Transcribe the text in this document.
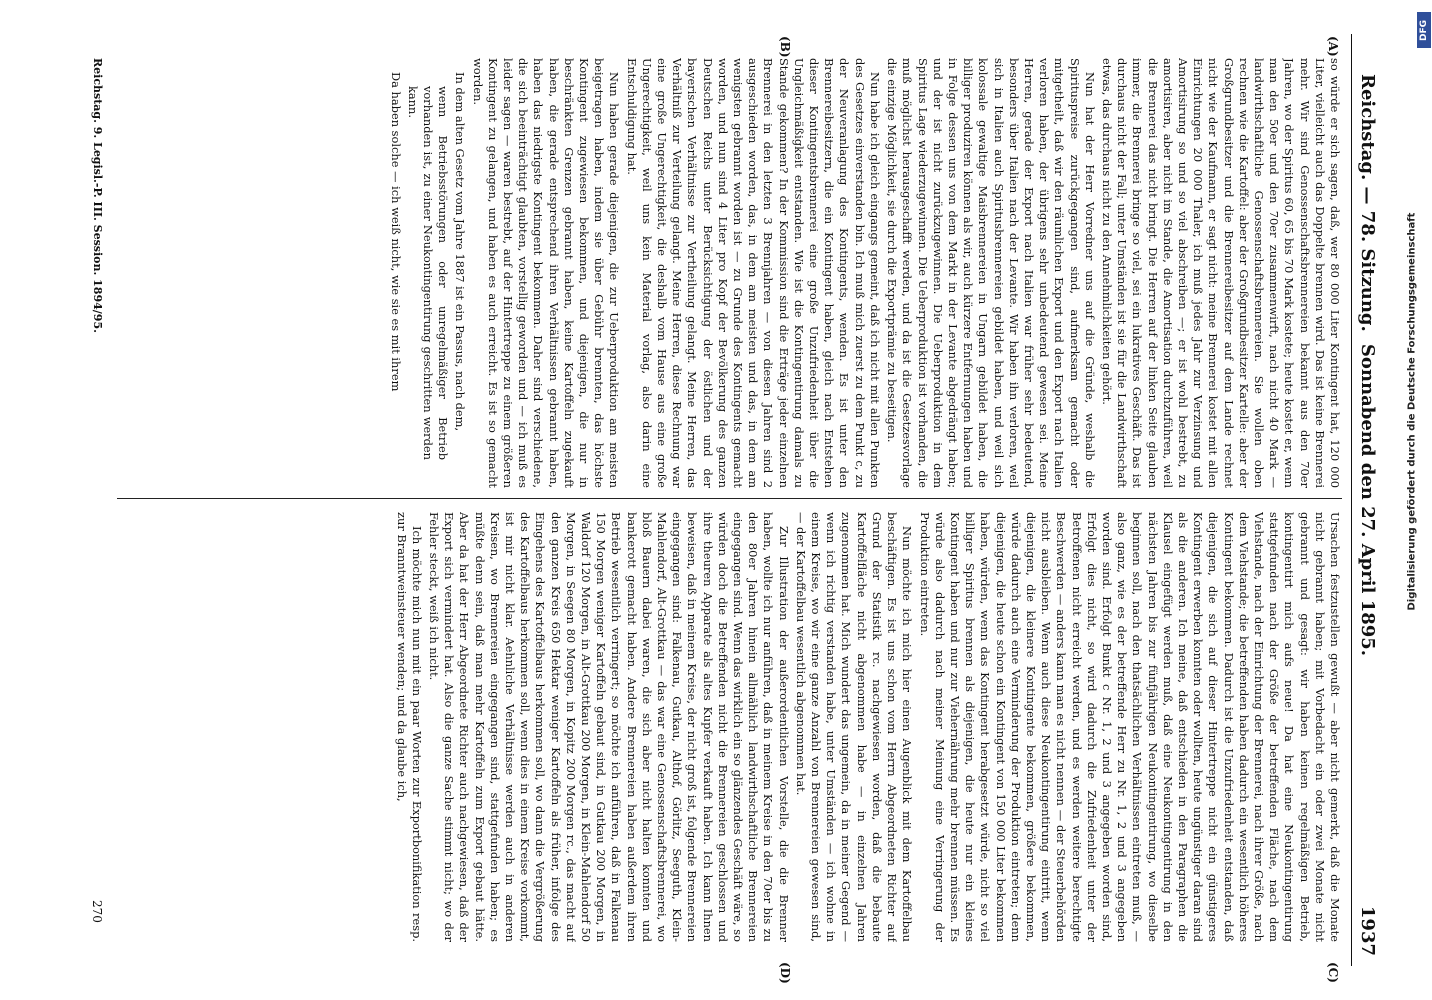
Reichstag. — 78. Sitzung.
Sonnabend den 27. April 1895.
1937
(A)
(B)
(C)
(D)

so würde er sich sagen, daß, wer 80 000 Liter Kontingent hat, 120 000 Liter, vielleicht auch das Doppelte brennen wird. Das ist keine Brennerei mehr. Wir sind Genossenschaftsbrennereien bekannt aus den 70er Jahren, wo der Spiritus 60, 65 bis 70 Mark kostete; heute kostet er, wenn man den 50er und den 70er zusammenwirft, nach nicht 40 Mark — landwirthschaftliche Genossenschaftsbrennereien. Sie wollen oben rechnen wie die Kartoffel: aber der Großgrundbesitzer Kartelle: aber der Großgrundbesitzer und die Brennereibesitzer auf dem Lande rechnet nicht wie der Kaufmann, er sagt nicht: meine Brennerei kostet mit allen Einrichtungen 20 000 Thaler, ich muß jedes Jahr zur Verzinsung und Amortisirung so und so viel abschreiben —; er ist wohl bestrebt, zu amortisiren, aber nicht im Stande, die Amortisation durchzuführen, weil die Brennerei das nicht bringt. Die Herren auf der linken Seite glauben immer, die Brennerei bringe so viel, sei ein lukratives Geschäft. Das ist durchaus nicht der Fall; unter Umständen ist sie für die Landwirthschaft etwas, das durchaus nicht zu den Annehmlichkeiten gehört.

Nun hat der Herr Vorredner uns auf die Gründe, weshalb die Spirituspreise zurückgegangen sind, aufmerksam gemacht oder mitgetheilt, daß wir den räumlichen Export und den Export nach Italien verloren haben, der übrigens sehr unbedeutend gewesen sei. Meine Herren, gerade der Export nach Italien war früher sehr bedeutend, besonders über Italien nach der Levante. Wir haben ihn verloren, weil sich in Italien auch Spiritusbrennereien gebildet haben, und weil sich kolossale gewaltige Maisbrennereien in Ungarn gebildet haben, die billiger produziren können als wir, auch kürzere Entfernungen haben und in Folge dessen uns von dem Markt in der Levante abgedrängt haben; und der ist nicht zurückzugewinnen. Die Ueberproduktion in dem Spiritus Lage wiederzugewinnen. Die Ueberproduktion ist vorhanden, die muß möglichst herausgeschafft werden, und da ist die Gesetzesvorlage die einzige Möglichkeit, sie durch die Exportprämie zu beseitigen.

Nun habe ich gleich eingangs gemeint, daß ich nicht mit allen Punkten des Gesetzes einverstanden bin. Ich muß mich zuerst zu dem Punkt c, zu der Neuveranlagung des Kontingents, wenden. Es ist unter den Brennereibesitzern, die ein Kontingent haben, gleich nach Entstehen dieser Kontingentsbrennerei eine große Unzufriedenheit über die Ungleichmäßigkeit entstanden. Wie ist die Kontingentirung damals zu Stande gekommen? In der Kommission sind die Erträge jeder einzelnen Brennerei in den letzten 3 Brennjahren — von diesen Jahren sind 2 ausgeschieden worden, das, in dem am meisten und das, in dem am wenigsten gebrannt worden ist — zu Grunde des Kontingents gemacht worden, und nun sind 4 Liter pro Kopf der Bevölkerung des ganzen Deutschen Reichs unter Berücksichtigung der östlichen und der bayerischen Verhältnisse zur Vertheilung gelangt. Meine Herren, das Verhältniß zur Verteilung gelangt. Meine Herren, diese Rechnung war eine große Ungerechtigkeit, die deshalb vom Hause aus eine große Ungerechtigkeit, weil uns kein Material vorlag, also darin eine Entschuldigung hat.

Nun haben gerade diejenigen, die zur Ueberproduktion am meisten beigetragen haben, indem sie über Gebühr brennten, das höchste Kontingent zugewiesen bekommen, und diejenigen, die nur in beschränkten Grenzen gebrannt haben, keine Kartoffeln zugekauft haben, die gerade entsprechend ihren Verhältnissen gebrannt haben, haben das niedrigste Kontingent bekommen. Daher sind verschiedene, die sich beeinträchtigt glaubten, vorstellig geworden und — ich muß es leider sagen — waren bestrebt, auf der Hintertreppe zu einem größeren Kontingent zu gelangen, und haben es auch erreicht. Es ist so gemacht worden.

In dem alten Gesetz vom Jahre 1887 ist ein Passus, nach dem,

wenn Betriebsstörungen oder unregelmäßiger Betrieb vorhanden ist, zu einer Neukontingentirung geschritten werden kann.

Da haben solche — ich weiß nicht, wie sie es mit ihrem

Ursachen festzustellen gewußt — aber nicht gemerkt, daß die Monate nicht gebrannt haben; mit Vorbedacht ein oder zwei Monate nicht gebrannt und gesagt: wir haben keinen regelmäßigen Betrieb, kontingentirt mich aufs neue! Da hat eine Neukontingentirung stattgefunden nach der Größe der betreffenden Fläche, nach dem Viehstande, nach der Einrichtung der Brennerei, nach ihrer Größe, nach dem Viehstande; die betreffenden haben dadurch ein wesentlich höheres Kontingent bekommen. Dadurch ist die Unzufriedenheit entstanden, daß diejenigen, die sich auf dieser Hintertreppe nicht ein günstigeres Kontingent erwerben konnten oder wollten, heute ungünstiger daran sind als die anderen. Ich meine, daß entschieden in den Paragraphen die Klausel eingefügt werden muß, daß eine Neukontingentirung in den nächsten Jahren bis zur fünfjährigen Neukontingentirung, wo dieselbe beginnen soll, nach den thatsächlichen Verhältnissen eintreten muß, — also ganz, wie es der betreffende Herr zu Nr. 1, 2 und 3 angegeben worden sind. Erfolgt Bunkt c Nr. 1, 2 und 3 angegeben worden sind, Erfolgt dies nicht, so wird dadurch die Zufriedenheit unter der Betroffenen nicht erreicht werden, und es werden weitere berechtigte Beschwerden — anders kann man es nicht nennen — der Steuerbehörden nicht ausbleiben. Wenn auch diese Neukontingentirung eintritt, wenn diejenigen, die kleinere Kontingente bekommen, größere bekommen, würde dadurch auch eine Verminderung der Produktion eintreten; denn diejenigen, die heute schon ein Kontingent von 150 000 Liter bekommen haben, würden, wenn das Kontingent herabgesetzt würde, nicht so viel billiger Spiritus brennen als diejenigen, die heute nur ein kleines Kontingent haben und nur zur Viehernährung mehr brennen müssen. Es würde also dadurch nach meiner Meinung eine Verringerung der Produktion eintreten.

Nun möchte ich mich hier einen Augenblick mit dem Kartoffelbau beschäftigen. Es ist uns schon vom Herrn Abgeordneten Richter auf Grund der Statistik rc. nachgewiesen worden, daß die bebaute Kartoffelfläche nicht abgenommen habe — in einzelnen Jahren zugenommen hat. Mich wundert das ungemein, da in meiner Gegend — wenn ich richtig verstanden habe, unter Umständen — ich wohne in einem Kreise, wo wir eine ganze Anzahl von Brennereien gewesen sind, — der Kartoffelbau wesentlich abgenommen hat.

Zur Illustration der außerordentlichen Vorstelle, die die Brenner haben, wollte ich nur anführen, daß in meinem Kreise in den 70er bis zu den 80er Jahren hinein allmählich landwirthschaftliche Brennereien eingegangen sind. Wenn das wirklich ein so glänzendes Geschäft wäre, so würden doch die Betreffenden nicht die Brennereien geschlossen und ihre theuren Apparate als altes Kupfer verkauft haben. Ich kann Ihnen beweisen, daß in meinem Kreise, der nicht groß ist, folgende Brennereien eingegangen sind: Falkenau, Gutkau, Althof, Görlitz, Seeguth, Klein-Mahlendorf, Alt-Grottkau — das war eine Genossenschaftsbrennerei, wo bloß Bauern dabei waren, die sich aber nicht halten konnten und bankerott gemacht haben. Andere Brennereien haben außerdem ihren Betrieb wesentlich verringert; so möchte ich anführen, daß in Falkenau 150 Morgen weniger Kartoffeln gebaut sind, in Gutkau 200 Morgen, in Waldorf 120 Morgen, in Alt-Grottkau 200 Morgen, in Klein-Mahlendorf 50 Morgen, in Seegen 80 Morgen, in Kopitz 200 Morgen rc., das macht auf den ganzen Kreis 650 Hektar weniger Kartoffeln als früher, infolge des Eingehens des Kartoffelbaus herkommen soll, wo dann die Vergrößerung des Kartoffelbaus herkommen soll, wenn dies in einem Kreise vorkommt, ist mir nicht klar. Aehnliche Verhältnisse werden auch in anderen Kreisen, wo Brennereien eingegangen sind, stattgefunden haben; es müßte denn sein, daß man mehr Kartoffeln zum Export gebaut hätte. Aber da hat der Herr Abgeordnete Richter auch nachgewiesen, daß der Export sich vermindert hat. Also die ganze Sache stimmt nicht; wo der Fehler steckt, weiß ich nicht.

Ich möchte mich nun mit ein paar Worten zur Exportbonifikation resp. zur Branntweinsteuer wenden; und da glaube ich,

Reichstag. 9. Legisl.-P. III. Session. 1894/95.
270
Digitalisierung gefördert durch die Deutsche Forschungsgemeinschaft
DFG
